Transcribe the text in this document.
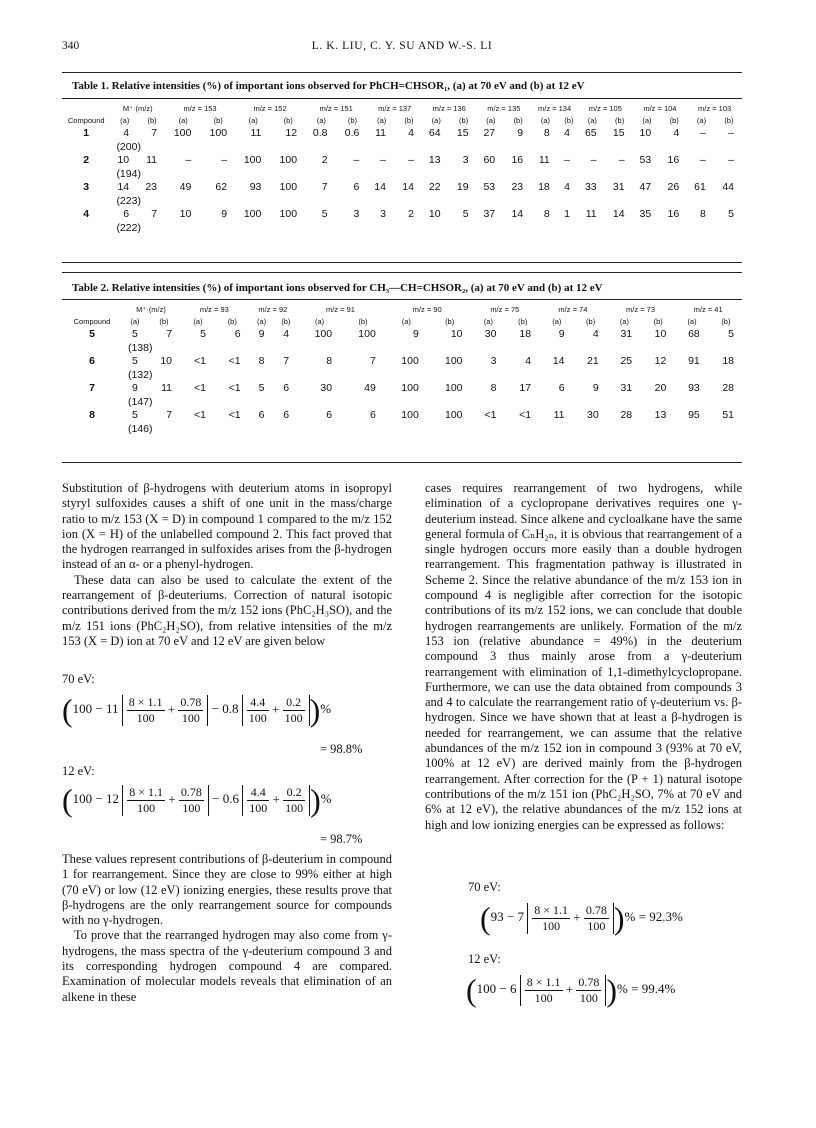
340	L. K. LIU, C. Y. SU AND W.-S. LI
Table 1. Relative intensities (%) of important ions observed for PhCH=CHSOR₁, (a) at 70 eV and (b) at 12 eV
	M⁺·(m/z)		m/z = 153		m/z = 152		m/z = 151		m/z = 137		m/z = 136		m/z = 135		m/z = 134		m/z = 105		m/z = 104		m/z = 103	
Compound	(a)	(b)	(a)	(b)	(a)	(b)	(a)	(b)	(a)	(b)	(a)	(b)	(a)	(b)	(a)	(b)	(a)	(b)	(a)	(b)	(a)	(b)
1	4	7	100	100	11	12	0.8	0.6	11	4	64	15	27	9	8	4	65	15	10	4	–	–
	(200)																					
2	10	11	–	–	100	100	2	–	–	–	13	3	60	16	11	–	–	–	53	16	–	–
	(194)																					
3	14	23	49	62	93	100	7	6	14	14	22	19	53	23	18	4	33	31	47	26	61	44
	(223)																					
4	6	7	10	9	100	100	5	3	3	2	10	5	37	14	8	1	11	14	35	16	8	5
	(222)																					
Table 2. Relative intensities (%) of important ions observed for CH₃—CH=CHSOR₂, (a) at 70 eV and (b) at 12 eV
	M⁺·(m/z)		m/z = 93		m/z = 92		m/z = 91		m/z = 90		m/z = 75		m/z = 74		m/z = 73		m/z = 41	
Compound	(a)	(b)	(a)	(b)	(a)	(b)	(a)	(b)	(a)	(b)	(a)	(b)	(a)	(b)	(a)	(b)	(a)	(b)
5	5	7	5	6	9	4	100	100	9	10	30	18	9	4	31	10	68	5
	(138)																	
6	5	10	<1	<1	8	7	8	7	100	100	3	4	14	21	25	12	91	18
	(132)																	
7	9	11	<1	<1	5	6	30	49	100	100	8	17	6	9	31	20	93	28
	(147)																	
8	5	7	<1	<1	6	6	6	6	100	100	<1	<1	11	30	28	13	95	51
	(146)																	

Substitution of β-hydrogens with deuterium atoms in isopropyl styryl sulfoxides causes a shift of one unit in the mass/charge ratio to m/z 153 (X = D) in compound 1 compared to the m/z 152 ion (X = H) of the unlabelled compound 2. This fact proved that the hydrogen rearranged in sulfoxides arises from the β-hydrogen instead of an α- or a phenyl-hydrogen.

These data can also be used to calculate the extent of the rearrangement of β-deuteriums. Correction of natural isotopic contributions derived from the m/z 152 ions (PhC₂H₃SO), and the m/z 151 ions (PhC₂H₂SO), from relative intensities of the m/z 153 (X = D) ion at 70 eV and 12 eV are given below

70 eV:
($100 - 11 \frac{8 \times 1.1}{100} + \frac{0.78}{100} - 0.8 \frac{4.4}{100} + \frac{0.2}{100}$ )%
= 98.8%
12 eV:
($100 - 12 \frac{8 \times 1.1}{100} + \frac{0.78}{100} - 0.6 \frac{4.4}{100} + \frac{0.2}{100}$ )%
= 98.7%

These values represent contributions of β-deuterium in compound 1 for rearrangement. Since they are close to 99% either at high (70 eV) or low (12 eV) ionizing energies, these results prove that β-hydrogens are the only rearrangement source for compounds with no γ-hydrogen.

To prove that the rearranged hydrogen may also come from γ-hydrogens, the mass spectra of the γ-deuterium compound 3 and its corresponding hydrogen compound 4 are compared. Examination of molecular models reveals that elimination of an alkene in these

cases requires rearrangement of two hydrogens, while elimination of a cyclopropane derivatives requires one γ-deuterium instead. Since alkene and cycloalkane have the same general formula of CₙH₂ₙ, it is obvious that rearrangement of a single hydrogen occurs more easily than a double hydrogen rearrangement. This fragmentation pathway is illustrated in Scheme 2. Since the relative abundance of the m/z 153 ion in compound 4 is negligible after correction for the isotopic contributions of its m/z 152 ions, we can conclude that double hydrogen rearrangements are unlikely. Formation of the m/z 153 ion (relative abundance = 49%) in the deuterium compound 3 thus mainly arose from a γ-deuterium rearrangement with elimination of 1,1-dimethylcyclopropane. Furthermore, we can use the data obtained from compounds 3 and 4 to calculate the rearrangement ratio of γ-deuterium vs. β-hydrogen. Since we have shown that at least a β-hydrogen is needed for rearrangement, we can assume that the relative abundances of the m/z 152 ion in compound 3 (93% at 70 eV, 100% at 12 eV) are derived mainly from the β-hydrogen rearrangement. After correction for the (P + 1) natural isotope contributions of the m/z 151 ion (PhC₂H₂SO, 7% at 70 eV and 6% at 12 eV), the relative abundances of the m/z 152 ions at high and low ionizing energies can be expressed as follows:

70 eV:
($93 - 7 \frac{8 \times 1.1}{100} + \frac{0.78}{100}$ )% = 92.3%
12 eV:
($100 - 6 \frac{8 \times 1.1}{100} + \frac{0.78}{100}$ )% = 99.4%
